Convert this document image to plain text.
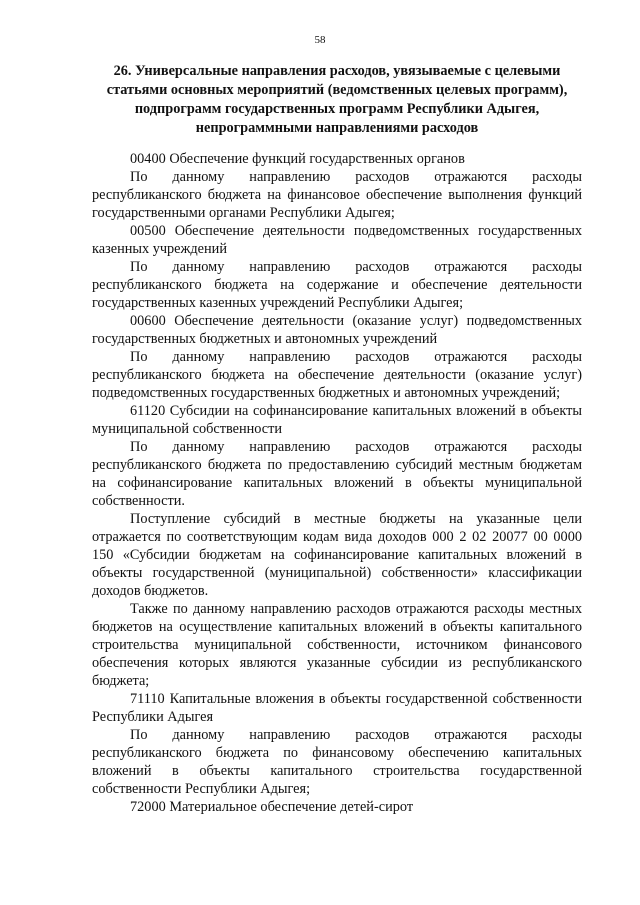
58
26. Универсальные направления расходов, увязываемые с целевыми статьями основных мероприятий (ведомственных целевых программ), подпрограмм государственных программ Республики Адыгея, непрограммными направлениями расходов

00400 Обеспечение функций государственных органов

По данному направлению расходов отражаются расходы республиканского бюджета на финансовое обеспечение выполнения функций государственными органами Республики Адыгея;

00500 Обеспечение деятельности подведомственных государственных казенных учреждений

По данному направлению расходов отражаются расходы республиканского бюджета на содержание и обеспечение деятельности государственных казенных учреждений Республики Адыгея;

00600 Обеспечение деятельности (оказание услуг) подведомственных государственных бюджетных и автономных учреждений

По данному направлению расходов отражаются расходы республиканского бюджета на обеспечение деятельности (оказание услуг) подведомственных государственных бюджетных и автономных учреждений;

61120 Субсидии на софинансирование капитальных вложений в объекты муниципальной собственности

По данному направлению расходов отражаются расходы республиканского бюджета по предоставлению субсидий местным бюджетам на софинансирование капитальных вложений в объекты муниципальной собственности.

Поступление субсидий в местные бюджеты на указанные цели отражается по соответствующим кодам вида доходов 000 2 02 20077 00 0000 150 «Субсидии бюджетам на софинансирование капитальных вложений в объекты государственной (муниципальной) собственности» классификации доходов бюджетов.

Также по данному направлению расходов отражаются расходы местных бюджетов на осуществление капитальных вложений в объекты капитального строительства муниципальной собственности, источником финансового обеспечения которых являются указанные субсидии из республиканского бюджета;

71110 Капитальные вложения в объекты государственной собственности Республики Адыгея

По данному направлению расходов отражаются расходы республиканского бюджета по финансовому обеспечению капитальных вложений в объекты капитального строительства государственной собственности Республики Адыгея;

72000 Материальное обеспечение детей-сирот
